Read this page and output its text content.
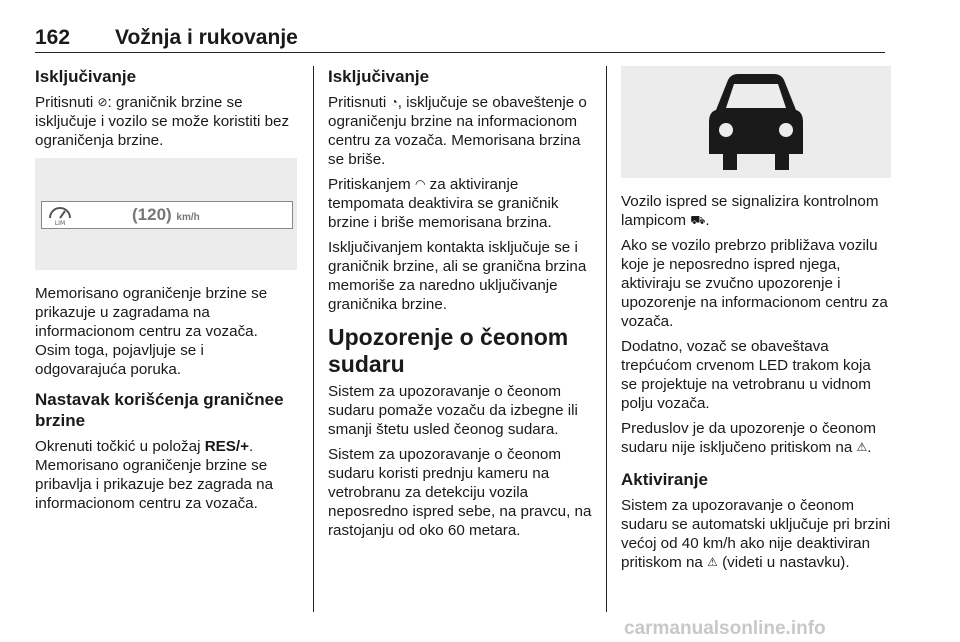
162 Vožnja i rukovanje
Isključivanje

Pritisnuti ⊘: graničnik brzine se isključuje i vozilo se može koristiti bez ograničenja brzine.

LIM	(120) km/h

Memorisano ograničenje brzine se prikazuje u zagradama na informacionom centru za vozača. Osim toga, pojavljuje se i odgovarajuća poruka.

Nastavak korišćenja graničnee brzine

Okrenuti točkić u položaj RES/+. Memorisano ograničenje brzine se pribavlja i prikazuje bez zagrada na informacionom centru za vozača.

Isključivanje

Pritisnuti ◔, isključuje se obaveštenje o ograničenju brzine na informacionom centru za vozača. Memorisana brzina se briše.

Pritiskanjem ◠ za aktiviranje tempomata deaktivira se graničnik brzine i briše memorisana brzina.

Isključivanjem kontakta isključuje se i graničnik brzine, ali se granična brzina memoriše za naredno uključivanje graničnika brzine.

Upozorenje o čeonom sudaru

Sistem za upozoravanje o čeonom sudaru pomaže vozaču da izbegne ili smanji štetu usled čeonog sudara.

Sistem za upozoravanje o čeonom sudaru koristi prednju kameru na vetrobranu za detekciju vozila neposredno ispred sebe, na pravcu, na rastojanju od oko 60 metara.

Vozilo ispred se signalizira kontrolnom lampicom ⛟.

Ako se vozilo prebrzo približava vozilu koje je neposredno ispred njega, aktiviraju se zvučno upozorenje i upozorenje na informacionom centru za vozača.

Dodatno, vozač se obaveštava trepćućom crvenom LED trakom koja se projektuje na vetrobranu u vidnom polju vozača.

Preduslov je da upozorenje o čeonom sudaru nije isključeno pritiskom na ⚠.

Aktiviranje

Sistem za upozoravanje o čeonom sudaru se automatski uključuje pri brzini većoj od 40 km/h ako nije deaktiviran pritiskom na ⚠ (videti u nastavku).

carmanualsonline.info
